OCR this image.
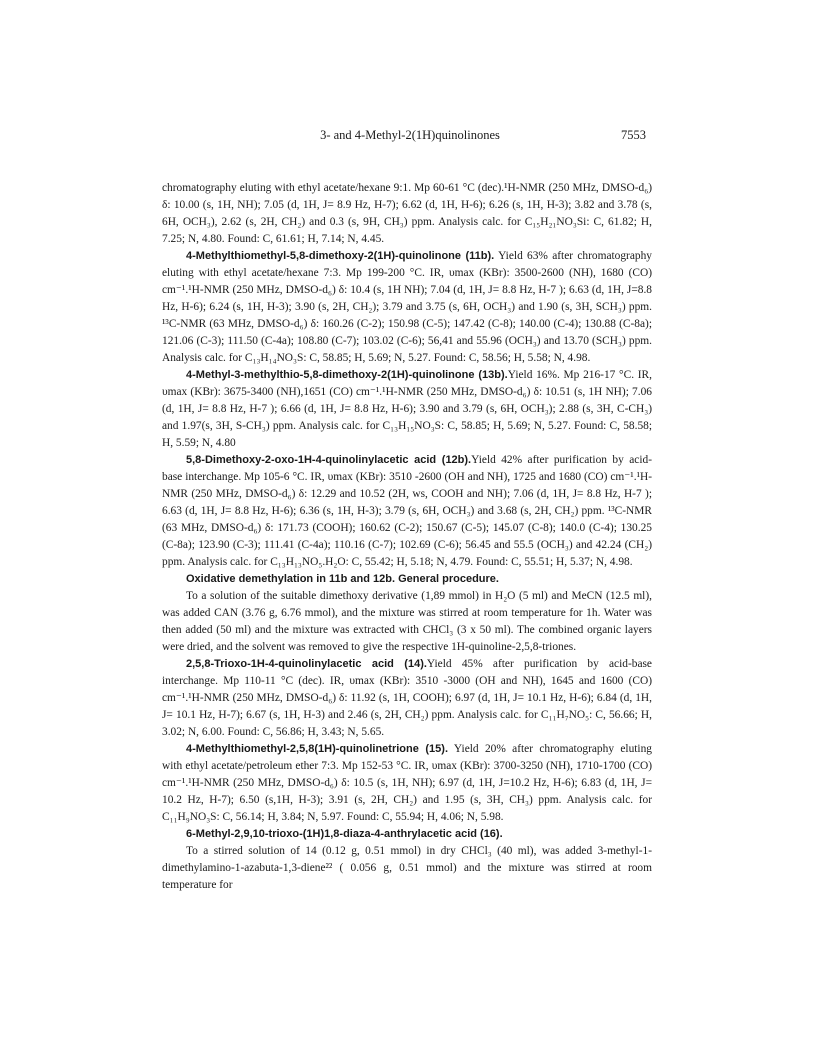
3- and 4-Methyl-2(1H)quinolinones	7553

chromatography eluting with ethyl acetate/hexane 9:1. Mp 60-61 °C (dec).¹H-NMR (250 MHz, DMSO-d₆) δ: 10.00 (s, 1H, NH); 7.05 (d, 1H, J= 8.9 Hz, H-7); 6.62 (d, 1H, H-6); 6.26 (s, 1H, H-3); 3.82 and 3.78 (s, 6H, OCH₃), 2.62 (s, 2H, CH₂) and 0.3 (s, 9H, CH₃) ppm. Analysis calc. for C₁₅H₂₁NO₃Si: C, 61.82; H, 7.25; N, 4.80. Found: C, 61.61; H, 7.14; N, 4.45.

4-Methylthiomethyl-5,8-dimethoxy-2(1H)-quinolinone (11b). Yield 63% after chromatography eluting with ethyl acetate/hexane 7:3. Mp 199-200 °C. IR, υmax (KBr): 3500-2600 (NH), 1680 (CO) cm⁻¹.¹H-NMR (250 MHz, DMSO-d₆) δ: 10.4 (s, 1H NH); 7.04 (d, 1H, J= 8.8 Hz, H-7 ); 6.63 (d, 1H, J=8.8 Hz, H-6); 6.24 (s, 1H, H-3); 3.90 (s, 2H, CH₂); 3.79 and 3.75 (s, 6H, OCH₃) and 1.90 (s, 3H, SCH₃) ppm. ¹³C-NMR (63 MHz, DMSO-d₆) δ: 160.26 (C-2); 150.98 (C-5); 147.42 (C-8); 140.00 (C-4); 130.88 (C-8a); 121.06 (C-3); 111.50 (C-4a); 108.80 (C-7); 103.02 (C-6); 56,41 and 55.96 (OCH₃) and 13.70 (SCH₃) ppm. Analysis calc. for C₁₃H₁₄NO₃S: C, 58.85; H, 5.69; N, 5.27. Found: C, 58.56; H, 5.58; N, 4.98.

4-Methyl-3-methylthio-5,8-dimethoxy-2(1H)-quinolinone (13b).Yield 16%. Mp 216-17 °C. IR, υmax (KBr): 3675-3400 (NH),1651 (CO) cm⁻¹.¹H-NMR (250 MHz, DMSO-d₆) δ: 10.51 (s, 1H NH); 7.06 (d, 1H, J= 8.8 Hz, H-7 ); 6.66 (d, 1H, J= 8.8 Hz, H-6); 3.90 and 3.79 (s, 6H, OCH₃); 2.88 (s, 3H, C-CH₃) and 1.97(s, 3H, S-CH₃) ppm. Analysis calc. for C₁₃H₁₅NO₃S: C, 58.85; H, 5.69; N, 5.27. Found: C, 58.58; H, 5.59; N, 4.80

5,8-Dimethoxy-2-oxo-1H-4-quinolinylacetic acid (12b).Yield 42% after purification by acid-base interchange. Mp 105-6 °C. IR, υmax (KBr): 3510 -2600 (OH and NH), 1725 and 1680 (CO) cm⁻¹.¹H-NMR (250 MHz, DMSO-d₆) δ: 12.29 and 10.52 (2H, ws, COOH and NH); 7.06 (d, 1H, J= 8.8 Hz, H-7 ); 6.63 (d, 1H, J= 8.8 Hz, H-6); 6.36 (s, 1H, H-3); 3.79 (s, 6H, OCH₃) and 3.68 (s, 2H, CH₂) ppm. ¹³C-NMR (63 MHz, DMSO-d₆) δ: 171.73 (COOH); 160.62 (C-2); 150.67 (C-5); 145.07 (C-8); 140.0 (C-4); 130.25 (C-8a); 123.90 (C-3); 111.41 (C-4a); 110.16 (C-7); 102.69 (C-6); 56.45 and 55.5 (OCH₃) and 42.24 (CH₂) ppm. Analysis calc. for C₁₃H₁₃NO₅.H₂O: C, 55.42; H, 5.18; N, 4.79. Found: C, 55.51; H, 5.37; N, 4.98.

Oxidative demethylation in 11b and 12b. General procedure.

To a solution of the suitable dimethoxy derivative (1,89 mmol) in H₂O (5 ml) and MeCN (12.5 ml), was added CAN (3.76 g, 6.76 mmol), and the mixture was stirred at room temperature for 1h. Water was then added (50 ml) and the mixture was extracted with CHCl₃ (3 x 50 ml). The combined organic layers were dried, and the solvent was removed to give the respective 1H-quinoline-2,5,8-triones.

2,5,8-Trioxo-1H-4-quinolinylacetic acid (14).Yield 45% after purification by acid-base interchange. Mp 110-11 °C (dec). IR, υmax (KBr): 3510 -3000 (OH and NH), 1645 and 1600 (CO) cm⁻¹.¹H-NMR (250 MHz, DMSO-d₆) δ: 11.92 (s, 1H, COOH); 6.97 (d, 1H, J= 10.1 Hz, H-6); 6.84 (d, 1H, J= 10.1 Hz, H-7); 6.67 (s, 1H, H-3) and 2.46 (s, 2H, CH₂) ppm. Analysis calc. for C₁₁H₇NO₅: C, 56.66; H, 3.02; N, 6.00. Found: C, 56.86; H, 3.43; N, 5.65.

4-Methylthiomethyl-2,5,8(1H)-quinolinetrione (15). Yield 20% after chromatography eluting with ethyl acetate/petroleum ether 7:3. Mp 152-53 °C. IR, υmax (KBr): 3700-3250 (NH), 1710-1700 (CO) cm⁻¹.¹H-NMR (250 MHz, DMSO-d₆) δ: 10.5 (s, 1H, NH); 6.97 (d, 1H, J=10.2 Hz, H-6); 6.83 (d, 1H, J= 10.2 Hz, H-7); 6.50 (s,1H, H-3); 3.91 (s, 2H, CH₂) and 1.95 (s, 3H, CH₃) ppm. Analysis calc. for C₁₁H₉NO₃S: C, 56.14; H, 3.84; N, 5.97. Found: C, 55.94; H, 4.06; N, 5.98.

6-Methyl-2,9,10-trioxo-(1H)1,8-diaza-4-anthrylacetic acid (16).

To a stirred solution of 14 (0.12 g, 0.51 mmol) in dry CHCl₃ (40 ml), was added 3-methyl-1-dimethylamino-1-azabuta-1,3-diene²² ( 0.056 g, 0.51 mmol) and the mixture was stirred at room temperature for
